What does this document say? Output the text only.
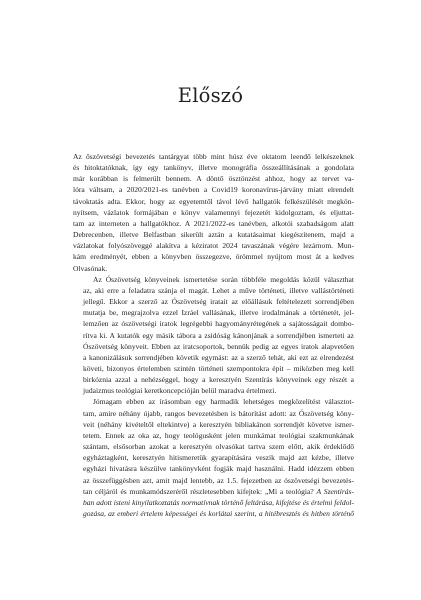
Előszó
Az őszövetségi bevezetés tantárgyat több mint húsz éve oktatom leendő lelkészeknek
és hitoktatóknak, így egy tankönyv, illetve monográfia összeállításának a gondolata
már korábban is felmerült bennem. A döntő ösztönzést ahhoz, hogy az tervet va-
lóra váltsam, a 2020/2021-es tanévben a Covid19 koronavírus-járvány miatt elrendelt
távoktatás adta. Ekkor, hogy az egyetemtől távol lévő hallgatók felkészülését megkön-
nyítsem, vázlatok formájában e könyv valamennyi fejezetét kidolgoztam, és eljuttat-
tam az interneten a hallgatókhoz. A 2021/2022-es tanévben, alkotói szabadságom alatt
Debrecenben, illetve Belfastban sikerült aztán a kutatásaimat kiegészítenem, majd a
vázlatokat folyószöveggé alakítva a kéziratot 2024 tavaszának végére lezárnom. Mun-
kám eredményét, ebben a könyvben összegezve, örömmel nyújtom most át a kedves
Olvasónak.
Az Ószövetség könyveinek ismertetése során többféle megoldás közül választhat
az, aki erre a feladatra szánja el magát. Lehet a műve történeti, illetve vallástörténeti
jellegű. Ekkor a szerző az Ószövetség iratait az előállásuk feltételezett sorrendjében
mutatja be, megrajzolva ezzel Izráel vallásának, illetve irodalmának a történetét, jel-
lemzően az ószövetségi iratok legrégebbi hagyományrétegének a sajátosságait dombo-
rítva ki. A kutatók egy másik tábora a zsidóság kánonjának a sorrendjében ismerteti az
Ószövetség könyveit. Ebben az iratcsoportok, bennük pedig az egyes iratok alapvetően
a kanonizálásuk sorrendjében követik egymást: az a szerző tehát, aki ezt az elrendezést
követi, bizonyos értelemben szintén történeti szempontokra épít – miközben meg kell
birkóznia azzal a nehézséggel, hogy a keresztyén Szentírás könyveinek egy részét a
judaizmus teológiai keretkoncepcióján belül maradva értelmezi.
Jómagam ebben az írásomban egy harmadik lehetséges megközelítést választot-
tam, amire néhány újabb, rangos bevezetésben is bátorítást adott: az Ószövetség köny-
veit (néhány kivételtől eltekintve) a keresztyén bibliakánon sorrendjét követve ismer-
tetem. Ennek az oka az, hogy teológusként jelen munkámat teológiai szakmunkának
szántam, elsősorban azokat a keresztyén olvasókat tartva szem előtt, akik érdeklődő
egyháztagként, keresztyén hitismeretük gyarapítására veszik majd azt kézbe, illetve
egyházi hivatásra készülve tankönyvként fogják majd használni. Hadd idézzem ebben
az összefüggésben azt, amit majd lentebb, az 1.5. fejezetben az ószövetségi bevezetés-
tan céljáról és munkamódszeréről részletesebben kifejtek: „Mi a teológia? A Szentírás-
ban adott isteni kinyilatkoztatás normatívnak történő feltárása, kifejtése és értelmi feldol-
gozása, az emberi értelem képességei és korlátai szerint, a hitébresztés és hitben történő
